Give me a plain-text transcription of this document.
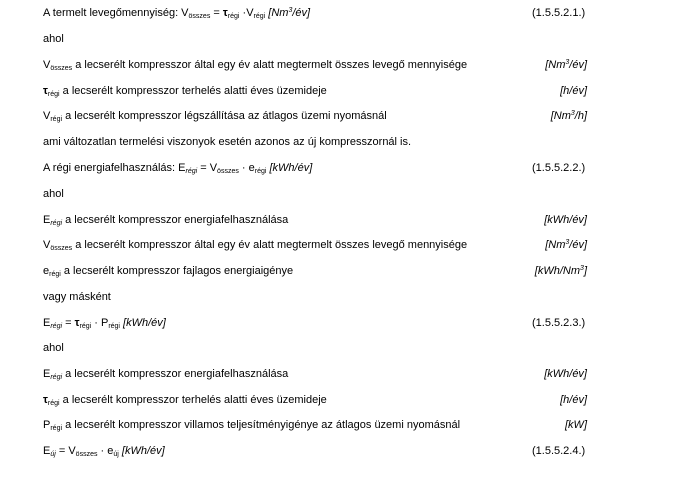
A termelt levegőmennyiség: $V_{összes} = \tau_{régi} \cdot V_{régi}$ [Nm$^3$/év]	(1.5.5.2.1.)
ahol
$V_{összes}$ a lecserélt kompresszor által egy év alatt megtermelt összes levegő mennyisége	[Nm$^3$/év]
$\tau_{régi}$ a lecserélt kompresszor terhelés alatti éves üzemideje	[h/év]
$V_{régi}$ a lecserélt kompresszor légszállítása az átlagos üzemi nyomásnál	[Nm$^3$/h]
ami változatlan termelési viszonyok esetén azonos az új kompresszornál is.
A régi energiafelhasználás: $E_{régi} = V_{összes} \cdot e_{régi}$ [kWh/év]	(1.5.5.2.2.)
ahol
$E_{régi}$ a lecserélt kompresszor energiafelhasználása	[kWh/év]
$V_{összes}$ a lecserélt kompresszor által egy év alatt megtermelt összes levegő mennyisége	[Nm$^3$/év]
$e_{régi}$ a lecserélt kompresszor fajlagos energiaigénye	[kWh/Nm$^3$]
vagy másként
$E_{régi} = \tau_{régi} \cdot P_{régi}$ [kWh/év]	(1.5.5.2.3.)
ahol
$E_{régi}$ a lecserélt kompresszor energiafelhasználása	[kWh/év]
$\tau_{régi}$ a lecserélt kompresszor terhelés alatti éves üzemideje	[h/év]
$P_{régi}$ a lecserélt kompresszor villamos teljesítményigénye az átlagos üzemi nyomásnál	[kW]
$E_{új} = V_{összes} \cdot e_{új}$ [kWh/év]	(1.5.5.2.4.)
